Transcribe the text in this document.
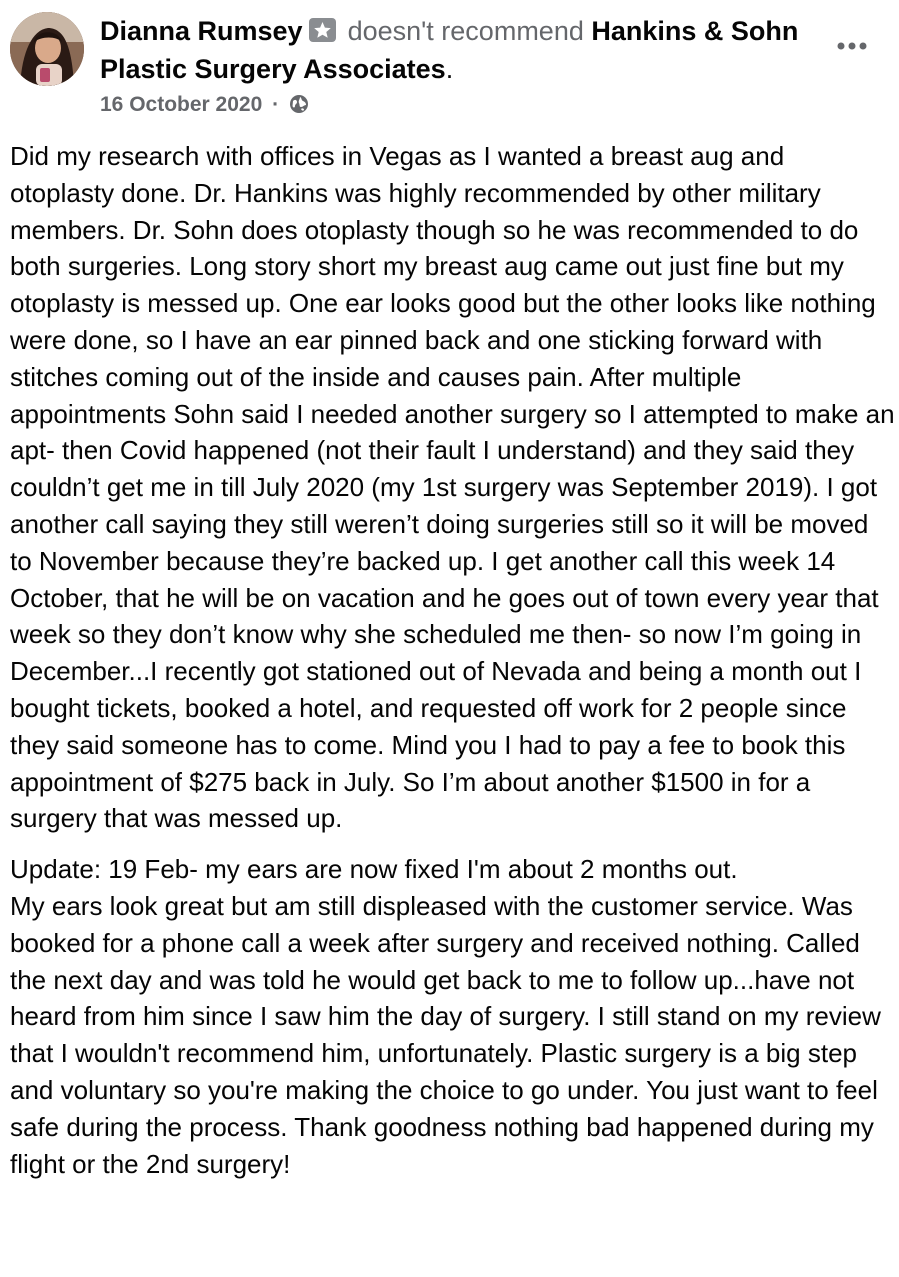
Dianna Rumsey doesn't recommend Hankins & Sohn Plastic Surgery Associates.
16 October 2020 ·

Did my research with offices in Vegas as I wanted a breast aug and otoplasty done. Dr. Hankins was highly recommended by other military members. Dr. Sohn does otoplasty though so he was recommended to do both surgeries. Long story short my breast aug came out just fine but my otoplasty is messed up. One ear looks good but the other looks like nothing were done, so I have an ear pinned back and one sticking forward with stitches coming out of the inside and causes pain. After multiple appointments Sohn said I needed another surgery so I attempted to make an apt- then Covid happened (not their fault I understand) and they said they couldn’t get me in till July 2020 (my 1st surgery was September 2019). I got another call saying they still weren’t doing surgeries still so it will be moved to November because they’re backed up. I get another call this week 14 October, that he will be on vacation and he goes out of town every year that week so they don’t know why she scheduled me then- so now I’m going in December...I recently got stationed out of Nevada and being a month out I bought tickets, booked a hotel, and requested off work for 2 people since they said someone has to come. Mind you I had to pay a fee to book this appointment of $275 back in July. So I’m about another $1500 in for a surgery that was messed up.

Update: 19 Feb- my ears are now fixed I'm about 2 months out.
My ears look great but am still displeased with the customer service. Was booked for a phone call a week after surgery and received nothing. Called the next day and was told he would get back to me to follow up...have not heard from him since I saw him the day of surgery. I still stand on my review that I wouldn't recommend him, unfortunately. Plastic surgery is a big step and voluntary so you're making the choice to go under. You just want to feel safe during the process. Thank goodness nothing bad happened during my flight or the 2nd surgery!
